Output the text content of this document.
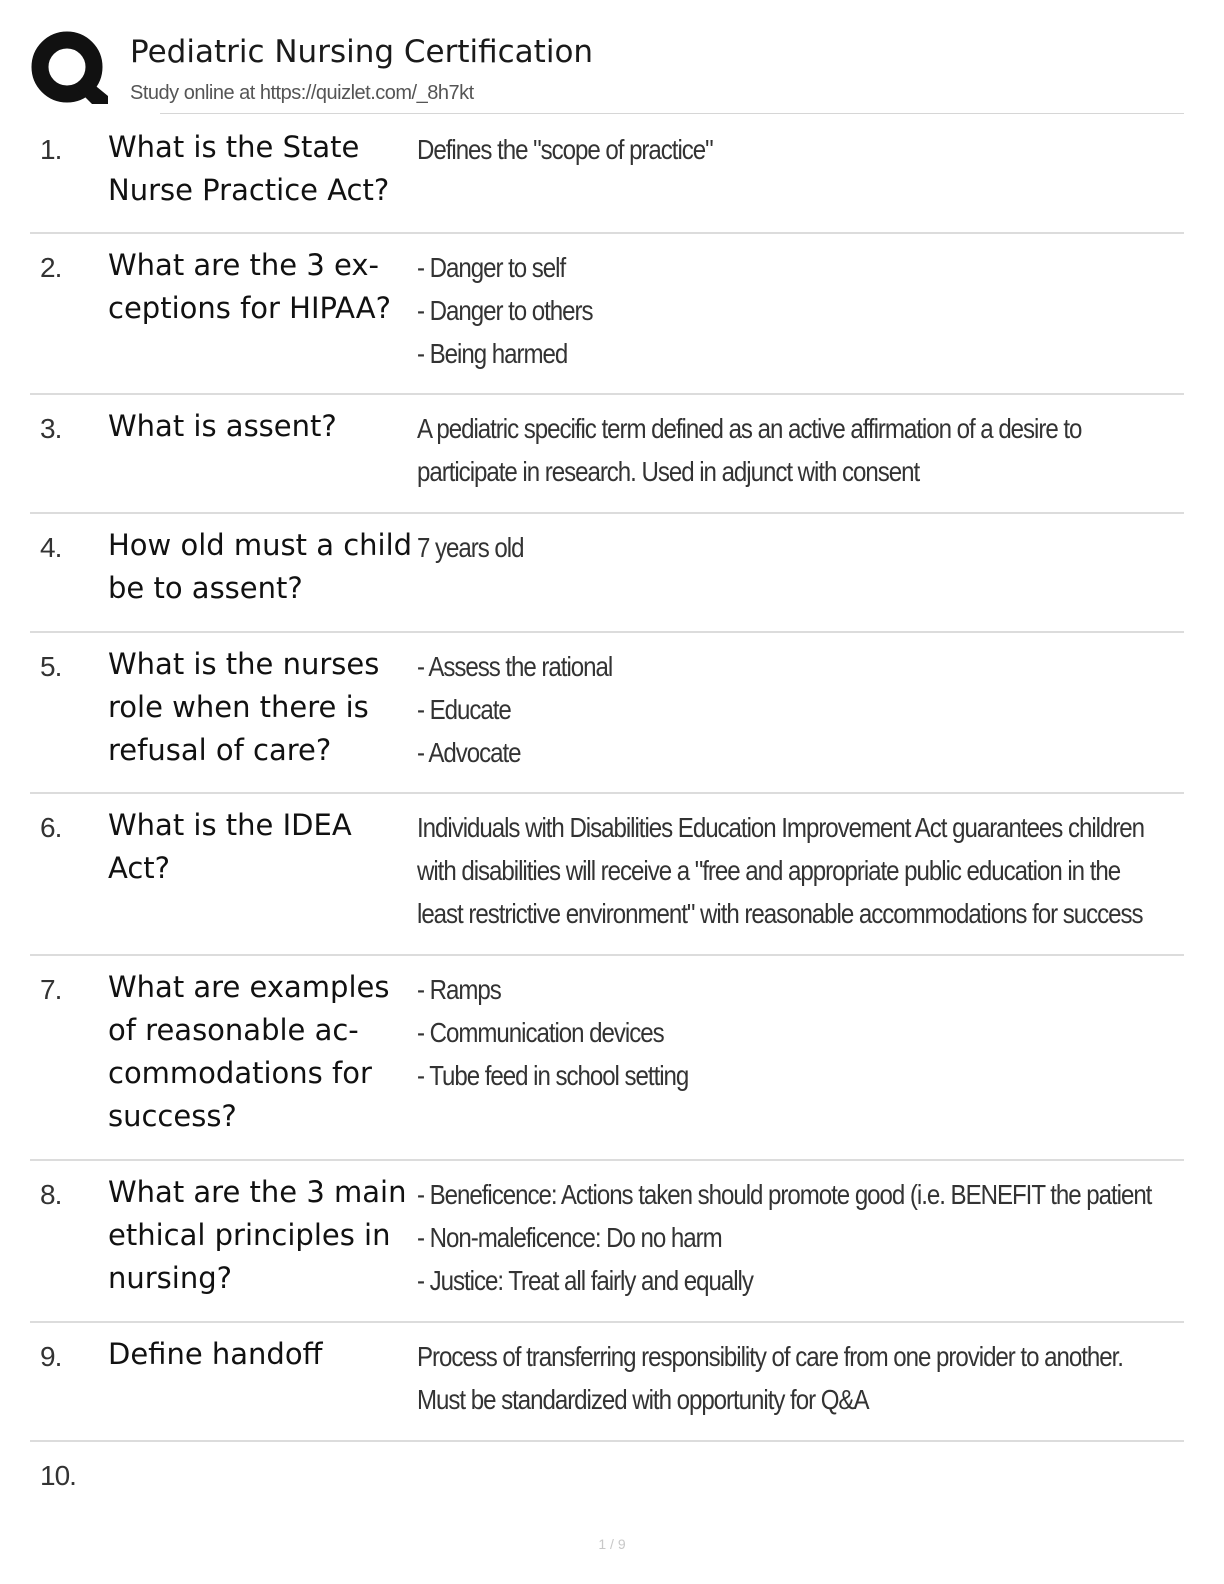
Pediatric Nursing Certification
Study online at https://quizlet.com/_8h7kt
1. What is the State Nurse Practice Act?
Defines the "scope of practice"
2. What are the 3 ex- ceptions for HIPAA?
- Danger to self
- Danger to others
- Being harmed
3. What is assent?	A pediatric specific term defined as an active affirmation of a desire to
participate in research. Used in adjunct with consent
4. How old must a child be to assent?
7 years old
5. What is the nurses role when there is refusal of care?
- Assess the rational
- Educate
- Advocate
6. What is the IDEA Act?
Individuals with Disabilities Education Improvement Act guarantees children
with disabilities will receive a "free and appropriate public education in the
least restrictive environment" with reasonable accommodations for success
7. What are examples of reasonable ac- commodations for success?
- Ramps
- Communication devices
- Tube feed in school setting
8. What are the 3 main ethical principles in nursing?
- Beneficence: Actions taken should promote good (i.e. BENEFIT the patient
- Non-maleficence: Do no harm
- Justice: Treat all fairly and equally
9. Define handoff	Process of transferring responsibility of care from one provider to another.
Must be standardized with opportunity for Q&A
10.
1 / 9
